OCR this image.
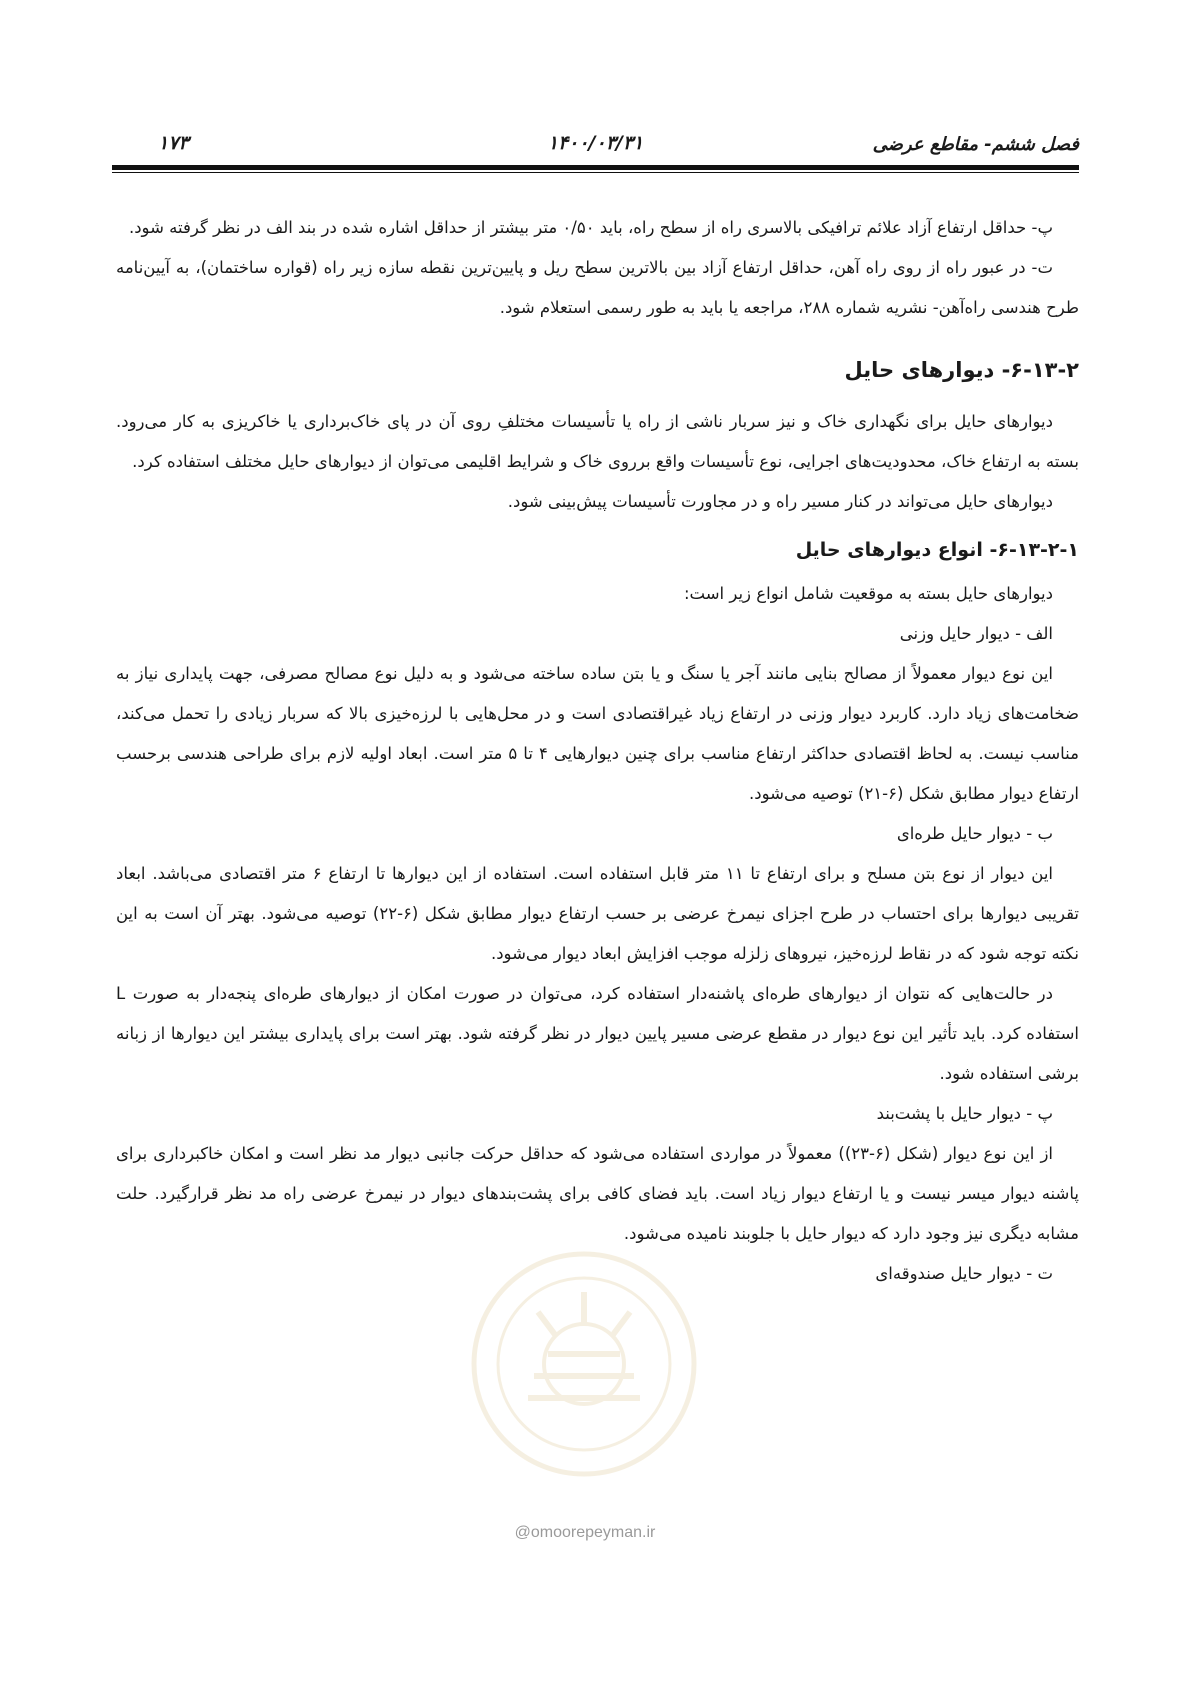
فصل ششم- مقاطع عرضی
۱۴۰۰/۰۳/۳۱
۱۷۳

پ- حداقل ارتفاع آزاد علائم ترافیکی بالاسری راه از سطح راه، باید ۰/۵۰ متر بیشتر از حداقل اشاره شده در بند الف در نظر گرفته شود.

ت- در عبور راه از روی راه آهن، حداقل ارتفاع آزاد بین بالاترین سطح ریل و پایین‌ترین نقطه سازه زیر راه (قواره ساختمان)، به آیین‌نامه طرح هندسی راه‌آهن- نشریه شماره ۲۸۸، مراجعه یا باید به طور رسمی استعلام شود.

۶-۱۳-۲- دیوارهای حایل

دیوارهای حایل برای نگهداری خاک و نیز سربار ناشی از راه یا تأسیسات مختلفِ روی آن در پای خاک‌برداری یا خاکریزی به کار می‌رود. بسته به ارتفاع خاک، محدودیت‌های اجرایی، نوع تأسیسات واقع برروی خاک و شرایط اقلیمی می‌توان از دیوارهای حایل مختلف استفاده کرد.

دیوارهای حایل می‌تواند در کنار مسیر راه و در مجاورت تأسیسات پیش‌بینی شود.

۶-۱۳-۲-۱- انواع دیوارهای حایل

دیوارهای حایل بسته به موقعیت شامل انواع زیر است:

الف - دیوار حایل وزنی

این نوع دیوار معمولاً از مصالح بنایی مانند آجر یا سنگ و یا بتن ساده ساخته می‌شود و به دلیل نوع مصالح مصرفی، جهت پایداری نیاز به ضخامت‌های زیاد دارد. کاربرد دیوار وزنی در ارتفاع زیاد غیراقتصادی است و در محل‌هایی با لرزه‌خیزی بالا که سربار زیادی را تحمل می‌کند، مناسب نیست. به لحاظ اقتصادی حداکثر ارتفاع مناسب برای چنین دیوارهایی ۴ تا ۵ متر است. ابعاد اولیه لازم برای طراحی هندسی برحسب ارتفاع دیوار مطابق شکل (۶-۲۱) توصیه می‌شود.

ب - دیوار حایل طره‌ای

این دیوار از نوع بتن مسلح و برای ارتفاع تا ۱۱ متر قابل استفاده است. استفاده از این دیوارها تا ارتفاع ۶ متر اقتصادی می‌باشد. ابعاد تقریبی دیوارها برای احتساب در طرح اجزای نیمرخ عرضی بر حسب ارتفاع دیوار مطابق شکل (۶-۲۲) توصیه می‌شود. بهتر آن است به این نکته توجه شود که در نقاط لرزه‌خیز، نیروهای زلزله موجب افزایش ابعاد دیوار می‌شود.

در حالت‌هایی که نتوان از دیوارهای طره‌ای پاشنه‌دار استفاده کرد، می‌توان در صورت امکان از دیوارهای طره‌ای پنجه‌دار به صورت L استفاده کرد. باید تأثیر این نوع دیوار در مقطع عرضی مسیر پایین دیوار در نظر گرفته شود. بهتر است برای پایداری بیشتر این دیوارها از زبانه برشی استفاده شود.

پ - دیوار حایل با پشت‌بند

از این نوع دیوار (شکل (۶-۲۳)) معمولاً در مواردی استفاده می‌شود که حداقل حرکت جانبی دیوار مد نظر است و امکان خاکبرداری برای پاشنه دیوار میسر نیست و یا ارتفاع دیوار زیاد است. باید فضای کافی برای پشت‌بندهای دیوار در نیمرخ عرضی راه مد نظر قرارگیرد. حلت مشابه دیگری نیز وجود دارد که دیوار حایل با جلوبند نامیده می‌شود.

ت - دیوار حایل صندوقه‌ای

@omoorepeyman.ir
